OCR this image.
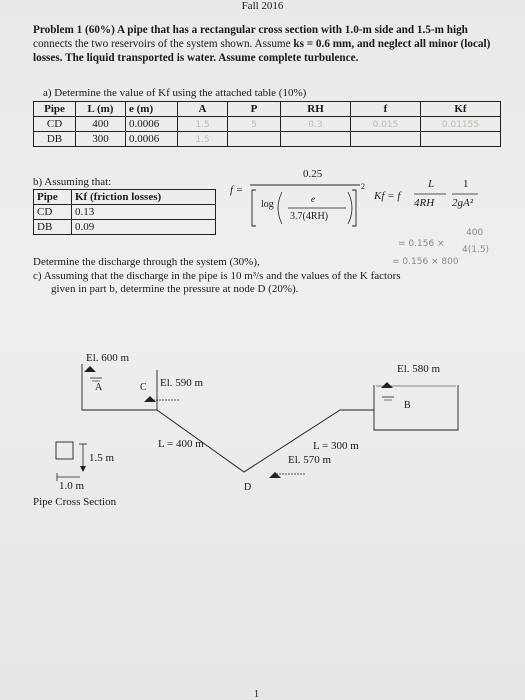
Fall 2016
Problem 1 (60%) A pipe that has a rectangular cross section with 1.0-m side and 1.5-m high connects the two reservoirs of the system shown. Assume ks = 0.6 mm, and neglect all minor (local) losses. The liquid transported is water. Assume complete turbulence.
a) Determine the value of Kf using the attached table (10%)
Pipe	L (m)	e (m)	A	P	RH	f	Kf
CD	400	0.0006	1.5	5	0.3	0.015	0.01155
DB	300	0.0006	1.5				
b) Assuming that:
Pipe	Kf (friction losses)
CD	0.13
DB	0.09
f =
0.25
log	e
3.7(4RH)
2
Kf = f
L	1
4RH 2gA²
= 0.156 ×
400
4(1.5)
= 0.156 × 800
Determine the discharge through the system (30%),
c) Assuming that the discharge in the pipe is 10 m³/s and the values of the K factors
given in part b, determine the pressure at node D (20%).
El. 600 m
El. 580 m
El. 590 m
El. 570 m
A
B
C
D
L = 400 m	L = 300 m
1.5 m
1.0 m
Pipe Cross Section
1
